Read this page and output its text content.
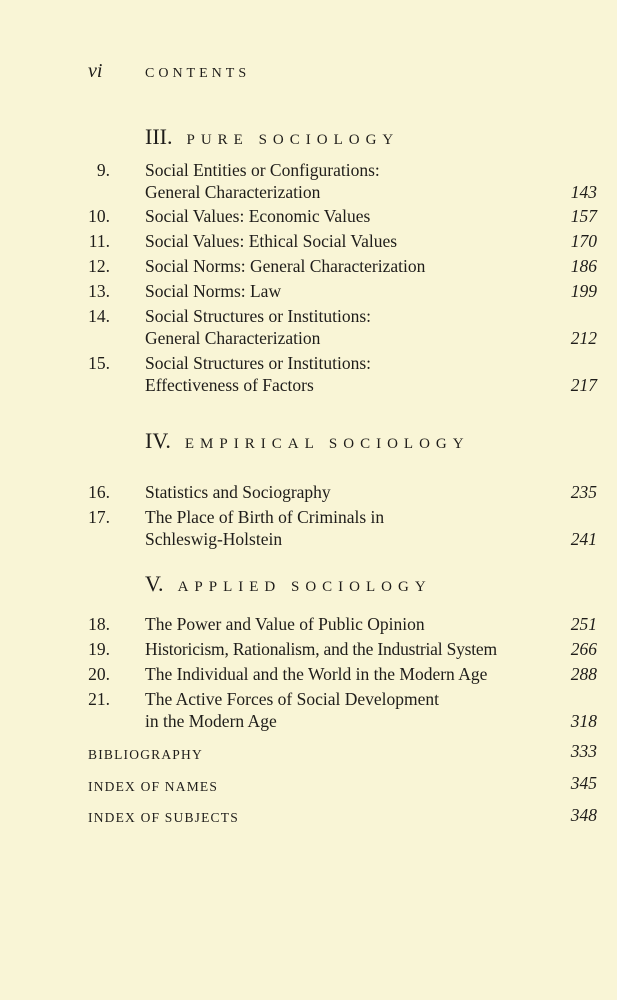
vi	CONTENTS
III. PURE SOCIOLOGY
9. Social Entities or Configurations:
General Characterization	143
10. Social Values: Economic Values	157
11. Social Values: Ethical Social Values	170
12. Social Norms: General Characterization	186
13. Social Norms: Law	199
14. Social Structures or Institutions:
General Characterization	212
15. Social Structures or Institutions:
Effectiveness of Factors	217
IV. EMPIRICAL SOCIOLOGY
16. Statistics and Sociography	235
17. The Place of Birth of Criminals in
Schleswig-Holstein	241
V. APPLIED SOCIOLOGY
18. The Power and Value of Public Opinion	251
19. Historicism, Rationalism, and the Industrial System	266
20. The Individual and the World in the Modern Age	288
21. The Active Forces of Social Development
in the Modern Age	318
BIBLIOGRAPHY	333
INDEX OF NAMES	345
INDEX OF SUBJECTS	348
